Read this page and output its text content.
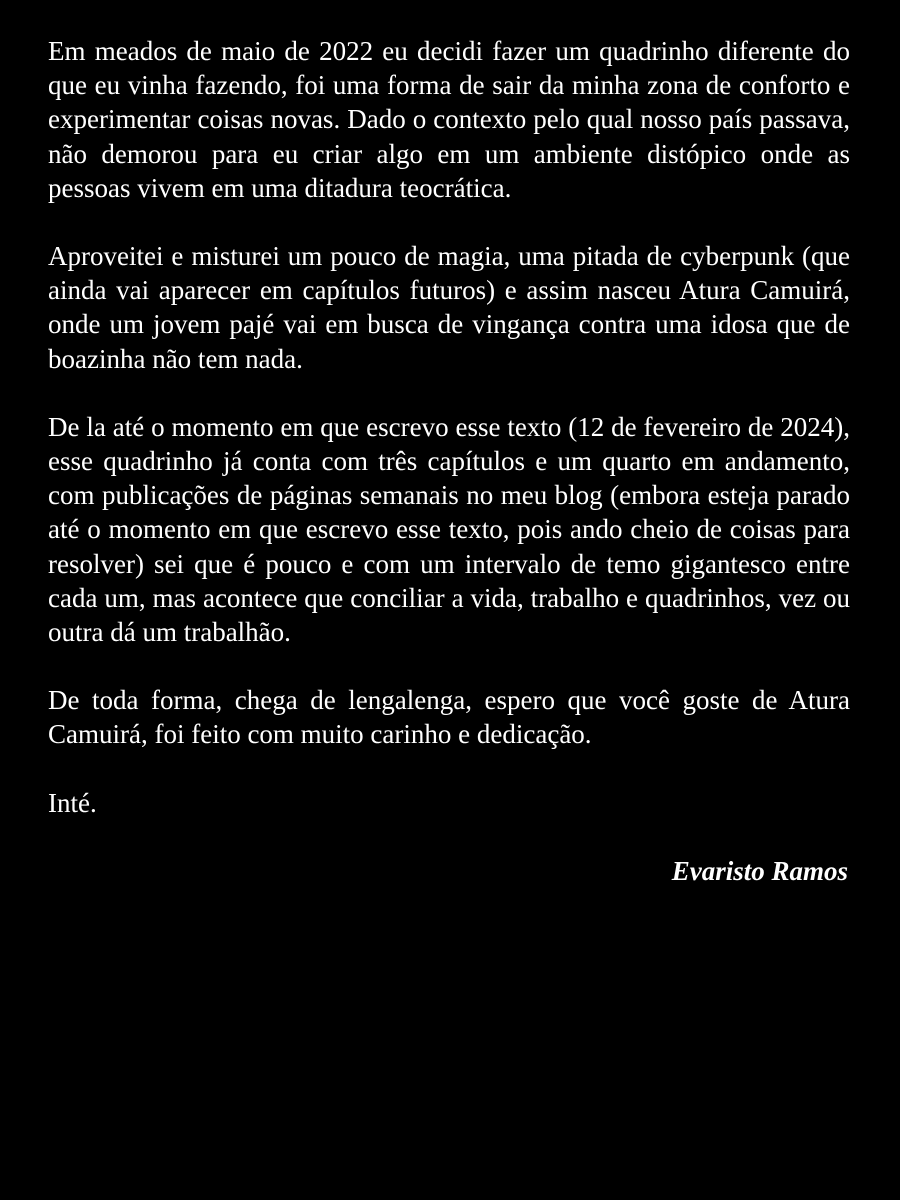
Em meados de maio de 2022 eu decidi fazer um quadrinho diferente do que eu vinha fazendo, foi uma forma de sair da minha zona de conforto e experimentar coisas novas. Dado o contexto pelo qual nosso país passava, não demorou para eu criar algo em um ambiente distópico onde as pessoas vivem em uma ditadura teocrática.

Aproveitei e misturei um pouco de magia, uma pitada de cyberpunk (que ainda vai aparecer em capítulos futuros) e assim nasceu Atura Camuirá, onde um jovem pajé vai em busca de vingança contra uma idosa que de boazinha não tem nada.

De la até o momento em que escrevo esse texto (12 de fevereiro de 2024), esse quadrinho já conta com três capítulos e um quarto em andamento, com publicações de páginas semanais no meu blog (embora esteja parado até o momento em que escrevo esse texto, pois ando cheio de coisas para resolver) sei que é pouco e com um intervalo de temo gigantesco entre cada um, mas acontece que conciliar a vida, trabalho e quadrinhos, vez ou outra dá um trabalhão.

De toda forma, chega de lengalenga, espero que você goste de Atura Camuirá, foi feito com muito carinho e dedicação.

Inté.

Evaristo Ramos
